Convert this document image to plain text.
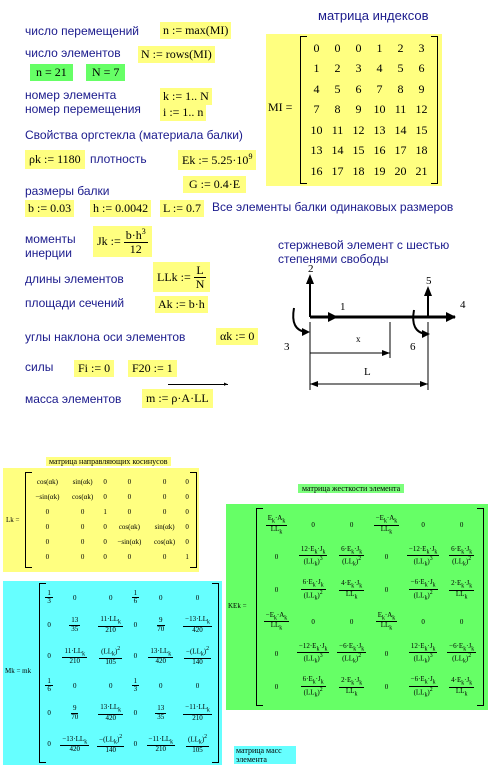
число перемещений n := max(MI)
число элементов N := rows(MI)
n = 21	N = 7
номер элемента	k := 1.. N
номер перемещения i := 1.. n
Свойства оргстекла (материала балки)
ρk := 1180 плотность	Ek := $5.25\cdot 10^9$
G := 0.4·E
размеры балки
b := 0.03 h := 0.0042 L := 0.7 Все элементы балки одинаковых размеров
моменты
инерции
Jk := $\frac{b\cdot h^3}{12}$
длины элементов	LLk := $\frac{L}{N}$
площади сечений	Ak := b·h
углы наклона оси элементов	αk := 0
силы	Fi := 0	F20 := 1
масса элементов	m := ρ·A·LL
▸
матрица индексов
MI =
0	0	0	1	2	3
1	2	3	4	5	6
4	5	6	7	8	9
7	8	9	10	11	12
10	11	12	13	14	15
13	14	15	16	17	18
16	17	18	19	20	21
стержневой элемент с шестью степенями свободы
2
1
3
5
4
6
x
L
матрица направляющих косинусов
Lk =
cos(αk)	sin(αk)	0	0	0	0
−sin(αk)	cos(αk)	0	0	0	0
0	0	1	0	0	0
0	0	0	cos(αk)	sin(αk)	0
0	0	0	−sin(αk)	cos(αk)	0
0	0	0	0	0	1
матрица жесткости элемента
KEk =
$\frac{E_k\cdot A_k}{LL_k}$	0	0	$\frac{-E_k\cdot A_k}{LL_k}$	0	0
0	$\frac{12\cdot E_k\cdot J_k}{(LL_k)^3}$	$\frac{6\cdot E_k\cdot J_k}{(LL_k)^2}$	0	$\frac{-12\cdot E_k\cdot J_k}{(LL_k)^3}$	$\frac{6\cdot E_k\cdot J_k}{(LL_k)^2}$

0	$\frac{6\cdot E_k\cdot J_k}{(LL_k)^2}$	$\frac{4\cdot E_k\cdot J_k}{LL_k}$	0	$\frac{-6\cdot E_k\cdot J_k}{(LL_k)^2}$	$\frac{2\cdot E_k\cdot J_k}{LL_k}$

$\frac{-E_k\cdot A_k}{LL_k}$	0	0	$\frac{E_k\cdot A_k}{LL_k}$	0	0
0	$\frac{-12\cdot E_k\cdot J_k}{(LL_k)^3}$	$\frac{-6\cdot E_k\cdot J_k}{(LL_k)^2}$	0	$\frac{12\cdot E_k\cdot J_k}{(LL_k)^3}$	$\frac{-6\cdot E_k\cdot J_k}{(LL_k)^2}$

0	$\frac{6\cdot E_k\cdot J_k}{(LL_k)^2}$	$\frac{2\cdot E_k\cdot J_k}{LL_k}$	0	$\frac{-6\cdot E_k\cdot J_k}{(LL_k)^2}$	$\frac{4\cdot E_k\cdot J_k}{LL_k}$
Mk = mk
$\frac{1}{3}$	0	0	$\frac{1}{6}$	0	0
0	$\frac{13}{35}$	$\frac{11\cdot LL_k}{210}$	0	$\frac{9}{70}$	$\frac{-13\cdot LL_k}{420}$

0	$\frac{11\cdot LL_k}{210}$	$\frac{(LL_k)^2}{105}$	0	$\frac{13\cdot LL_k}{420}$	$\frac{-(LL_k)^2}{140}$

$\frac{1}{6}$	0	0	$\frac{1}{3}$	0	0
0	$\frac{9}{70}$	$\frac{13\cdot LL_k}{420}$	0	$\frac{13}{35}$	$\frac{-11\cdot LL_k}{210}$

0	$\frac{-13\cdot LL_k}{420}$	$\frac{-(LL_k)^2}{140}$	0	$\frac{-11\cdot LL_k}{210}$	$\frac{(LL_k)^2}{105}$	матрица масс элемента
